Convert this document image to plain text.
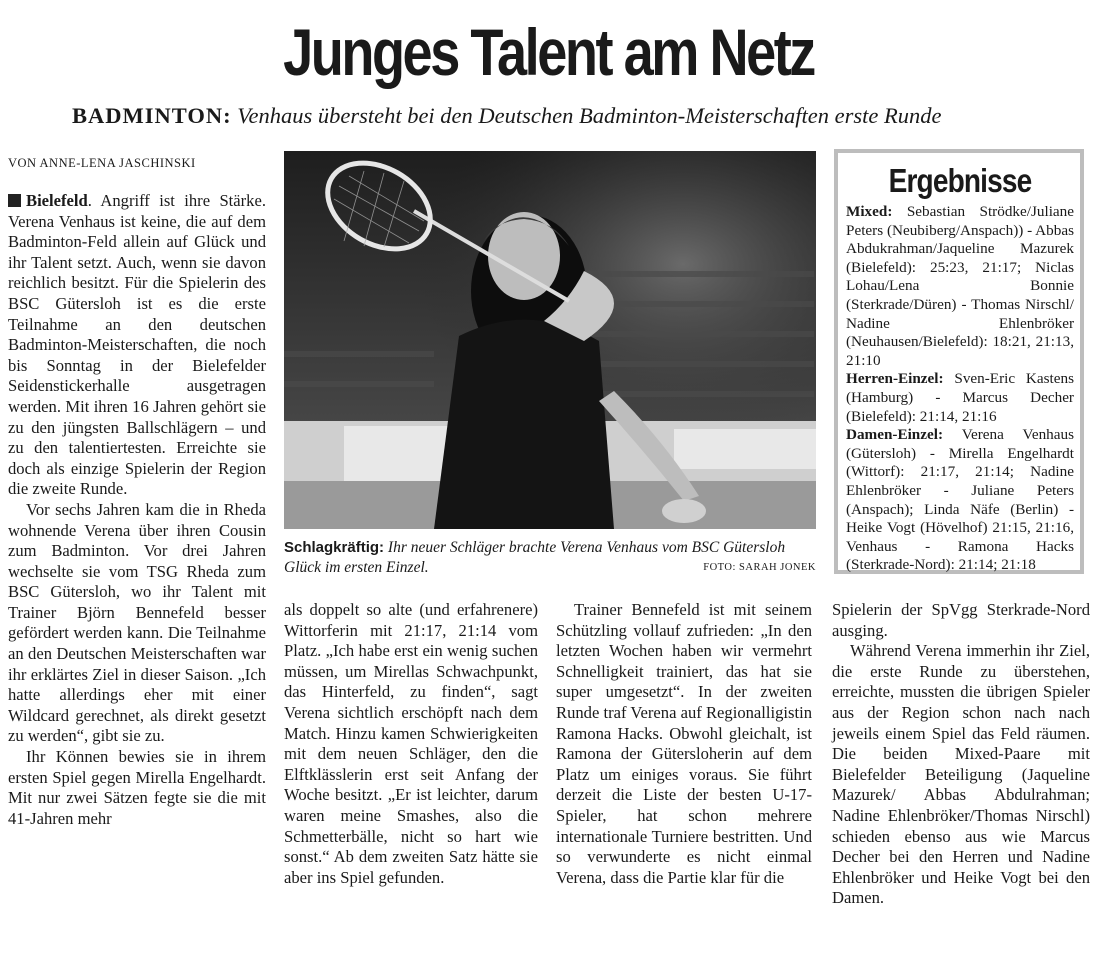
Junges Talent am Netz
BADMINTON: Venhaus übersteht bei den Deutschen Badminton-Meisterschaften erste Runde
VON ANNE-LENA JASCHINSKI

Bielefeld. Angriff ist ihre Stärke. Verena Venhaus ist keine, die auf dem Badminton-Feld allein auf Glück und ihr Talent setzt. Auch, wenn sie davon reichlich besitzt. Für die Spielerin des BSC Gütersloh ist es die erste Teilnahme an den deutschen Badminton-Meisterschaften, die noch bis Sonntag in der Bielefelder Seidenstickerhalle ausgetragen werden. Mit ihren 16 Jahren gehört sie zu den jüngsten Ballschlägern – und zu den talentiertesten. Erreichte sie doch als einzige Spielerin der Region die zweite Runde.

Vor sechs Jahren kam die in Rheda wohnende Verena über ihren Cousin zum Badminton. Vor drei Jahren wechselte sie vom TSG Rheda zum BSC Gütersloh, wo ihr Talent mit Trainer Björn Bennefeld besser gefördert werden kann. Die Teilnahme an den Deutschen Meisterschaften war ihr erklärtes Ziel in dieser Saison. „Ich hatte allerdings eher mit einer Wildcard gerechnet, als direkt gesetzt zu werden“, gibt sie zu.

Ihr Können bewies sie in ihrem ersten Spiel gegen Mirella Engelhardt. Mit nur zwei Sätzen fegte sie die mit 41-Jahren mehr

Schlagkräftig: Ihr neuer Schläger brachte Verena Venhaus vom BSC Gütersloh Glück im ersten Einzel.	FOTO: SARAH JONEK
Ergebnisse

Mixed: Sebastian Strödke/Juliane Peters (Neubiberg/Anspach)) - Abbas Abdukrahman/Jaqueline Mazurek (Bielefeld): 25:23, 21:17; Niclas Lohau/Lena Bonnie (Sterkrade/Düren) - Thomas Nirschl/ Nadine Ehlenbröker (Neuhausen/Bielefeld): 18:21, 21:13, 21:10

Herren-Einzel: Sven-Eric Kastens (Hamburg) - Marcus Decher (Bielefeld): 21:14, 21:16

Damen-Einzel: Verena Venhaus (Gütersloh) - Mirella Engelhardt (Wittorf): 21:17, 21:14; Nadine Ehlenbröker - Juliane Peters (Anspach); Linda Näfe (Berlin) - Heike Vogt (Hövelhof) 21:15, 21:16, Venhaus - Ramona Hacks (Sterkrade-Nord): 21:14; 21:18

als doppelt so alte (und erfahrenere) Wittorferin mit 21:17, 21:14 vom Platz. „Ich habe erst ein wenig suchen müssen, um Mirellas Schwachpunkt, das Hinterfeld, zu finden“, sagt Verena sichtlich erschöpft nach dem Match. Hinzu kamen Schwierigkeiten mit dem neuen Schläger, den die Elftklässlerin erst seit Anfang der Woche besitzt. „Er ist leichter, darum waren meine Smashes, also die Schmetterbälle, nicht so hart wie sonst.“ Ab dem zweiten Satz hätte sie aber ins Spiel gefunden.

Trainer Bennefeld ist mit seinem Schützling vollauf zufrieden: „In den letzten Wochen haben wir vermehrt Schnelligkeit trainiert, das hat sie super umgesetzt“. In der zweiten Runde traf Verena auf Regionalligistin Ramona Hacks. Obwohl gleichalt, ist Ramona der Gütersloherin auf dem Platz um einiges voraus. Sie führt derzeit die Liste der besten U-17-Spieler, hat schon mehrere internationale Turniere bestritten. Und so verwunderte es nicht einmal Verena, dass die Partie klar für die

Spielerin der SpVgg Sterkrade-Nord ausging.

Während Verena immerhin ihr Ziel, die erste Runde zu überstehen, erreichte, mussten die übrigen Spieler aus der Region schon nach nach jeweils einem Spiel das Feld räumen. Die beiden Mixed-Paare mit Bielefelder Beteiligung (Jaqueline Mazurek/ Abbas Abdulrahman; Nadine Ehlenbröker/Thomas Nirschl) schieden ebenso aus wie Marcus Decher bei den Herren und Nadine Ehlenbröker und Heike Vogt bei den Damen.
